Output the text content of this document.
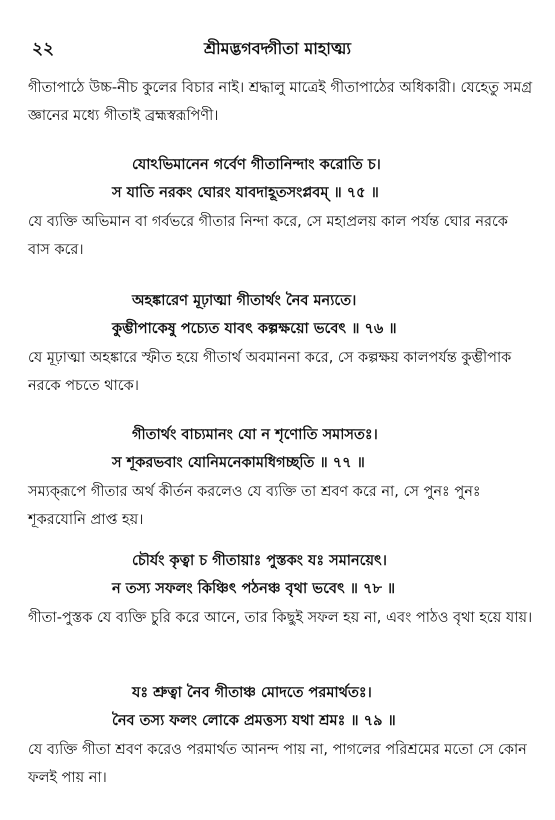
২২	শ্রীমদ্ভগবদ্গীতা মাহাত্ম্য

গীতাপাঠে উচ্চ-নীচ কুলের বিচার নাই। শ্রদ্ধালু মাত্রেই গীতাপাঠের অধিকারী। যেহেতু সমগ্র জ্ঞানের মধ্যে গীতাই ব্রহ্মস্বরূপিণী।

যোঽভিমানেন গর্বেণ গীতানিন্দাং করোতি চ।

স যাতি নরকং ঘোরং যাবদাহূতসংপ্লবম্ ॥ ৭৫ ॥

যে ব্যক্তি অভিমান বা গর্বভরে গীতার নিন্দা করে, সে মহাপ্রলয় কাল পর্যন্ত ঘোর নরকে বাস করে।

অহঙ্কারেণ মূঢ়াত্মা গীতার্থং নৈব মন্যতে।

কুম্ভীপাকেষু পচ্যেত যাবৎ কল্পক্ষয়ো ভবেৎ ॥ ৭৬ ॥

যে মূঢ়াত্মা অহঙ্কারে স্ফীত হয়ে গীতার্থ অবমাননা করে, সে কল্পক্ষয় কালপর্যন্ত কুম্ভীপাক নরকে পচতে থাকে।

গীতার্থং বাচ্যমানং যো ন শৃণোতি সমাসতঃ।

স শূকরভবাং যোনিমনেকামধিগচ্ছতি ॥ ৭৭ ॥

সম্যক্‌রূপে গীতার অর্থ কীর্তন করলেও যে ব্যক্তি তা শ্রবণ করে না, সে পুনঃ পুনঃ শূকরযোনি প্রাপ্ত হয়।

চৌর্যং কৃত্বা চ গীতায়াঃ পুস্তকং যঃ সমানয়েৎ।

ন তস্য সফলং কিঞ্চিৎ পঠনঞ্চ বৃথা ভবেৎ ॥ ৭৮ ॥

গীতা-পুস্তক যে ব্যক্তি চুরি করে আনে, তার কিছুই সফল হয় না, এবং পাঠও বৃথা হয়ে যায়।

যঃ শ্রুত্বা নৈব গীতাঞ্চ মোদতে পরমার্থতঃ।

নৈব তস্য ফলং লোকে প্রমত্তস্য যথা শ্রমঃ ॥ ৭৯ ॥

যে ব্যক্তি গীতা শ্রবণ করেও পরমার্থত আনন্দ পায় না, পাগলের পরিশ্রমের মতো সে কোন ফলই পায় না।
